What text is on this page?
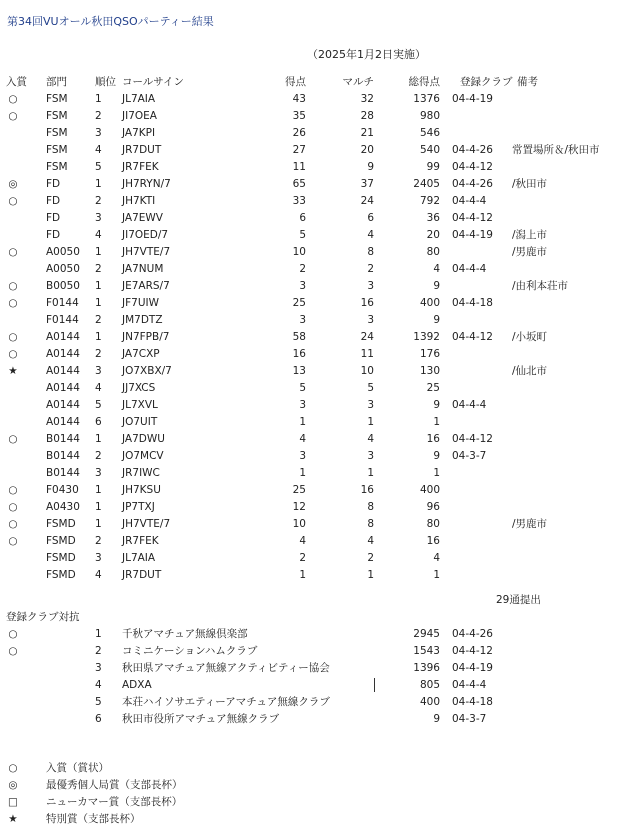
第34回VUオール秋田QSOパーティー結果
（2025年1月2日実施）
入賞 部門	順位 コールサイン	得点	マルチ	総得点 登録クラブ 備考
○	FSM	1 JL7AIA	43	32	1376 04-4-19
○	FSM	2 JI7OEA	35	28	980
FSM	3 JA7KPI	26	21	546
FSM	4 JR7DUT	27	20	540 04-4-26 常置場所＆/秋田市
FSM	5 JR7FEK	11	9	99 04-4-12
◎	FD	1 JH7RYN/7	65	37	2405 04-4-26 /秋田市
○	FD	2 JH7KTI	33	24	792 04-4-4
FD	3 JA7EWV	6	6	36 04-4-12
FD	4 JI7OED/7	5	4	20 04-4-19 /潟上市
○	A0050 1 JH7VTE/7	10	8	80	/男鹿市
A0050 2 JA7NUM	2	2	4 04-4-4
○	B0050 1 JE7ARS/7	3	3	9	/由利本荘市
○	F0144 1 JF7UIW	25	16	400 04-4-18
F0144 2 JM7DTZ	3	3	9
○	A0144 1 JN7FPB/7	58	24	1392 04-4-12 /小坂町
○	A0144 2 JA7CXP	16	11	176
★	A0144 3 JO7XBX/7	13	10	130	/仙北市
A0144 4 JJ7XCS	5	5	25
A0144 5 JL7XVL	3	3	9 04-4-4
A0144 6 JO7UIT	1	1	1
○	B0144 1 JA7DWU	4	4	16 04-4-12
B0144 2 JO7MCV	3	3	9 04-3-7
B0144 3 JR7IWC	1	1	1
○	F0430 1 JH7KSU	25	16	400
○	A0430 1 JP7TXJ	12	8	96
○	FSMD 1 JH7VTE/7	10	8	80	/男鹿市
○	FSMD 2 JR7FEK	4	4	16
FSMD 3 JL7AIA	2	2	4
FSMD 4 JR7DUT	1	1	1
29通提出
登録クラブ対抗
○	1 千秋アマチュア無線倶楽部	2945 04-4-26
○	2 コミニケーションハムクラブ	1543 04-4-12
3 秋田県アマチュア無線アクティビティー協会	1396 04-4-19
4 ADXA	805 04-4-4
5 本荘ハイソサエティーアマチュア無線クラブ	400 04-4-18
6 秋田市役所アマチュア無線クラブ	9 04-3-7
○	入賞（賞状）
◎	最優秀個人局賞（支部長杯）
□	ニューカマー賞（支部長杯）
★	特別賞（支部長杯）
